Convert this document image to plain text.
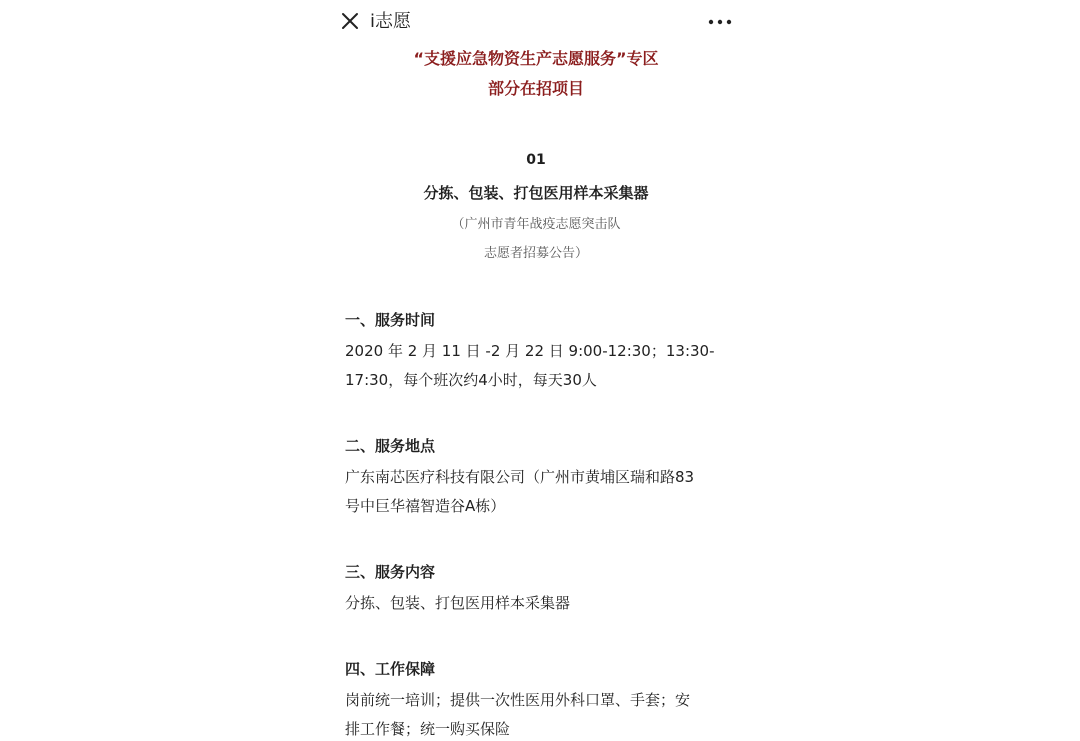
i志愿
“支援应急物资生产志愿服务”专区
部分在招项目
01
分拣、包装、打包医用样本采集器
（广州市青年战疫志愿突击队
志愿者招募公告）
一、服务时间
2020 年 2 月 11 日 -2 月 22 日 9:00-12:30；13:30-
17:30，每个班次约4小时，每天30人
二、服务地点
广东南芯医疗科技有限公司（广州市黄埔区瑞和路83
号中巨华禧智造谷A栋）
三、服务内容
分拣、包装、打包医用样本采集器
四、工作保障
岗前统一培训；提供一次性医用外科口罩、手套；安
排工作餐；统一购买保险
